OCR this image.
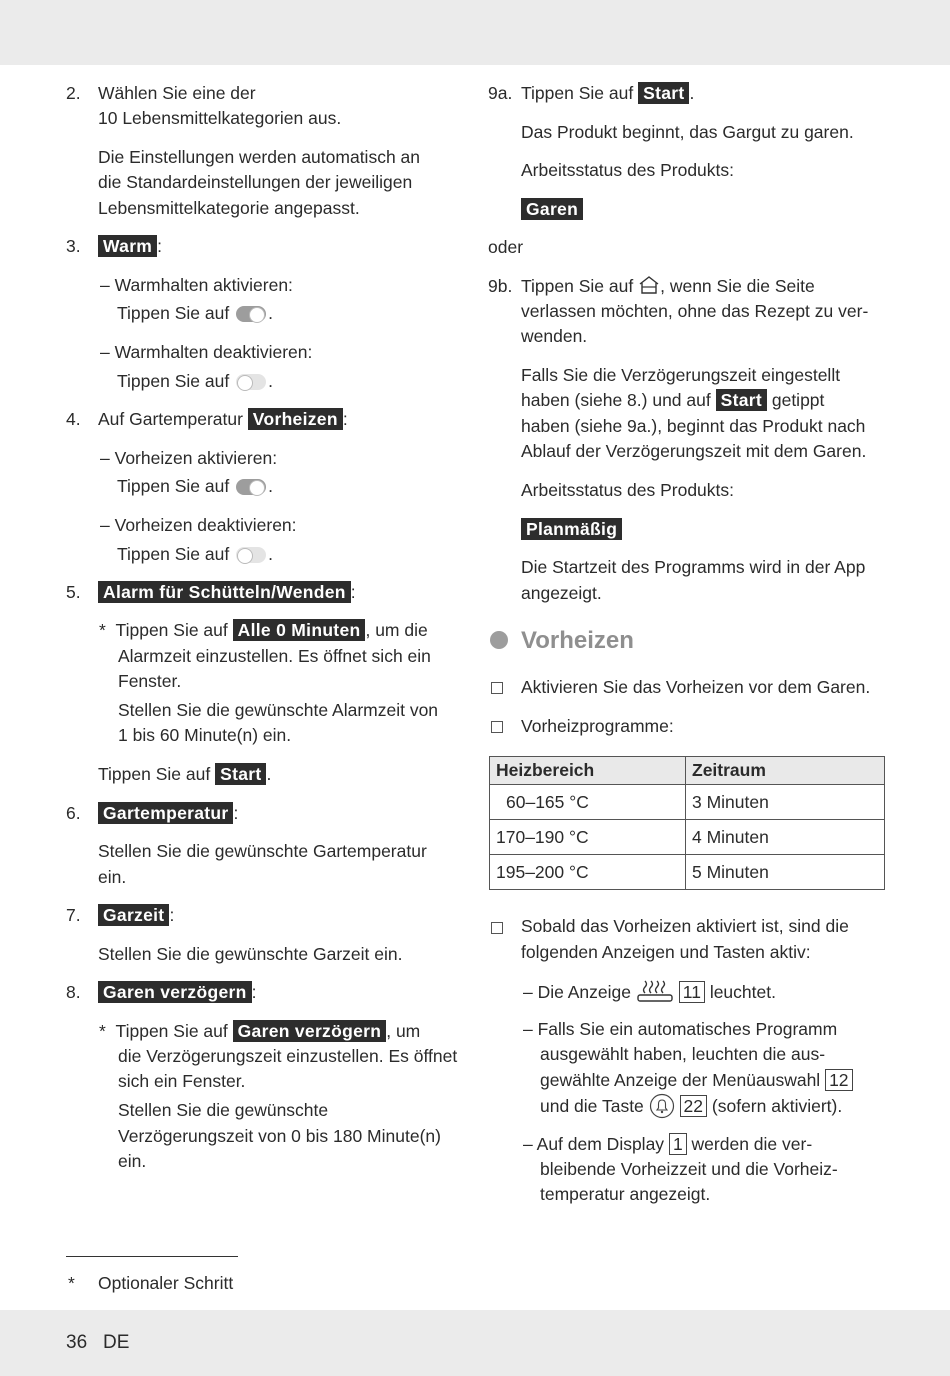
2. Wählen Sie eine der
10 Lebensmittelkategorien aus.
Die Einstellungen werden automatisch an
die Standardeinstellungen der jeweiligen
Lebensmittelkategorie angepasst.
3. Warm :
– Warmhalten aktivieren:
Tippen Sie auf .
– Warmhalten deaktivieren:
Tippen Sie auf .
4. Auf Gartemperatur Vorheizen :
– Vorheizen aktivieren:
Tippen Sie auf .
– Vorheizen deaktivieren:
Tippen Sie auf .
5. Alarm für Schütteln/Wenden :
*  Tippen Sie auf Alle 0 Minuten , um die
Alarmzeit einzustellen. Es öffnet sich ein
Fenster.
Stellen Sie die gewünschte Alarmzeit von
1 bis 60 Minute(n) ein.
Tippen Sie auf Start .
6. Gartemperatur :
Stellen Sie die gewünschte Gartemperatur
ein.
7. Garzeit :
Stellen Sie die gewünschte Garzeit ein.
8. Garen verzögern :
*  Tippen Sie auf Garen verzögern , um
die Verzögerungszeit einzustellen. Es öffnet
sich ein Fenster.
Stellen Sie die gewünschte
Verzögerungszeit von 0 bis 180 Minute(n)
ein.
* Optionaler Schritt
9a. Tippen Sie auf Start .
Das Produkt beginnt, das Gargut zu garen.
Arbeitsstatus des Produkts:
Garen
oder
9b. Tippen Sie auf , wenn Sie die Seite
verlassen möchten, ohne das Rezept zu ver-
wenden.
Falls Sie die Verzögerungszeit eingestellt
haben (siehe 8.) und auf Start getippt
haben (siehe 9a.), beginnt das Produkt nach
Ablauf der Verzögerungszeit mit dem Garen.
Arbeitsstatus des Produkts:
Planmäßig
Die Startzeit des Programms wird in der App
angezeigt.
Vorheizen
Aktivieren Sie das Vorheizen vor dem Garen.
Vorheizprogramme:
Heizbereich	Zeitraum
60–165 °C	3 Minuten
170–190 °C	4 Minuten
195–200 °C	5 Minuten
Sobald das Vorheizen aktiviert ist, sind die
folgenden Anzeigen und Tasten aktiv:
– Die Anzeige	11 leuchtet.
– Falls Sie ein automatisches Programm
ausgewählt haben, leuchten die aus-
gewählte Anzeige der Menüauswahl 12
und die Taste 22 (sofern aktiviert).
– Auf dem Display 1 werden die ver-
bleibende Vorheizzeit und die Vorheiz-
temperatur angezeigt.
36 DE
